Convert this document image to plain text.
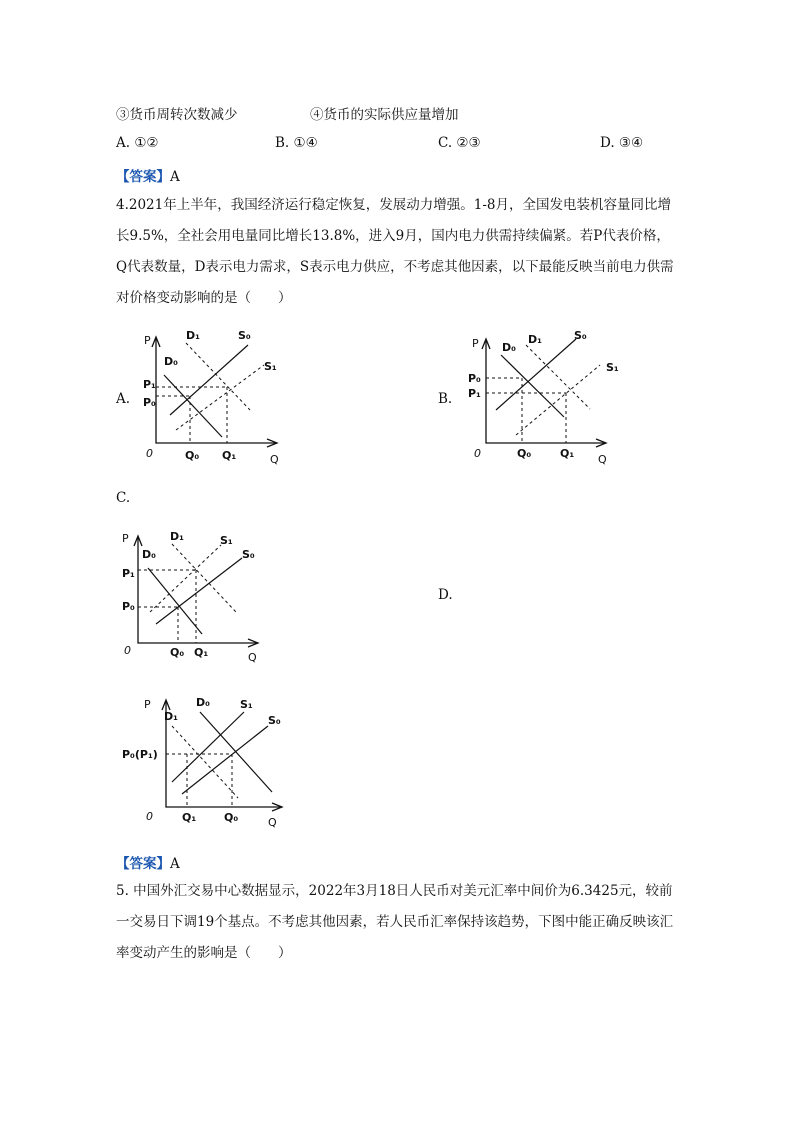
③货币周转次数减少	④货币的实际供应量增加
A. ①②	B. ①④	C. ②③	D. ③④
【答案】A
4.2021年上半年，我国经济运行稳定恢复，发展动力增强。1-8月，全国发电装机容量同比增长9.5%，全社会用电量同比增长13.8%，进入9月，国内电力供需持续偏紧。若P代表价格，Q代表数量，D表示电力需求，S表示电力供应，不考虑其他因素，以下最能反映当前电力供需对价格变动影响的是（　　）
A.
P
0	Q
D₀
D₁	S₀
S₁
P₁
P₀
Q₀ Q₁
B.
P
0	Q
D₀
D₁	S₀
S₁
P₀
P₁
Q₀	Q₁
C.
P
0
Q
D₀
D₁	S₁
S₀
P₁
P₀
Q₀ Q₁
D.
P
0	Q
D₁
D₀	S₁
S₀
P₀(P₁)
Q₁	Q₀
【答案】A
5. 中国外汇交易中心数据显示，2022年3月18日人民币对美元汇率中间价为6.3425元，较前一交易日下调19个基点。不考虑其他因素，若人民币汇率保持该趋势，下图中能正确反映该汇率变动产生的影响是（　　）
